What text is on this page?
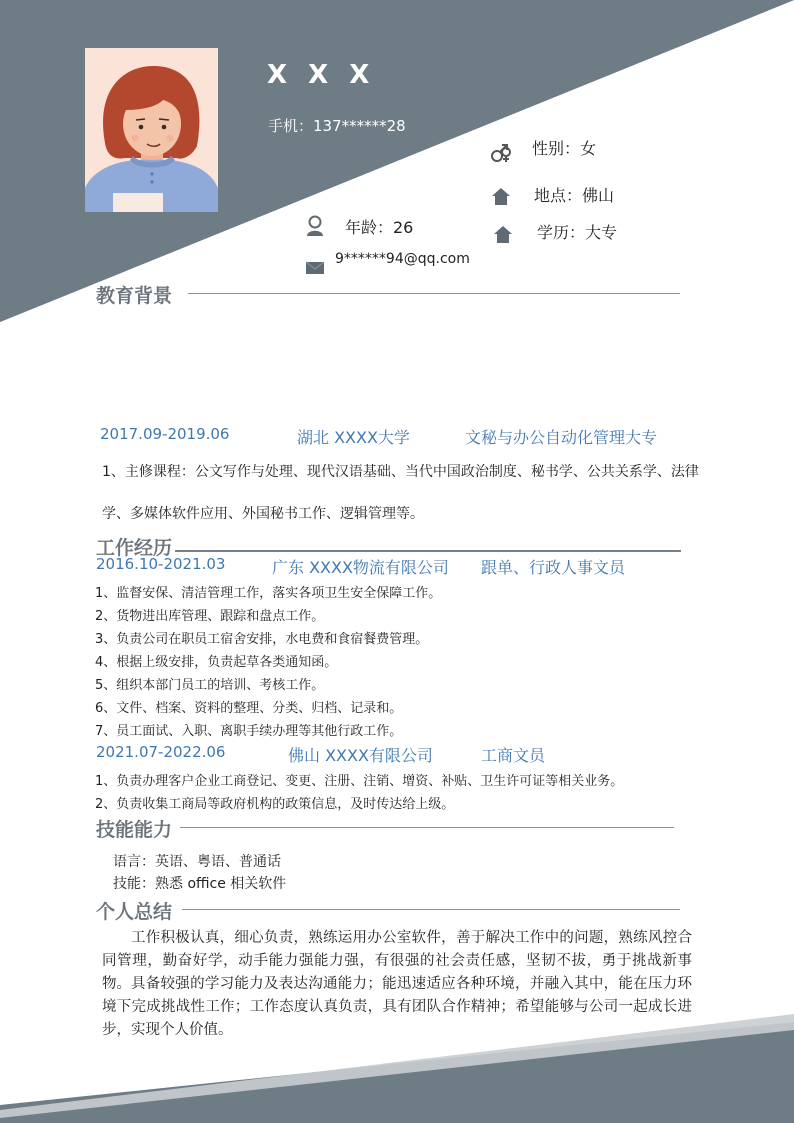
X X X
手机：137******28
性别：女
地点：佛山
年龄：26	学历：大专
9******94@qq.com
教育背景
2017.09-2019.06	湖北 XXXX大学	文秘与办公自动化管理大专
1、主修课程：公文写作与处理、现代汉语基础、当代中国政治制度、秘书学、公共关系学、法律
学、多媒体软件应用、外国秘书工作、逻辑管理等。
工作经历
2016.10-2021.03	广东 XXXX物流有限公司 跟单、行政人事文员
1、监督安保、清洁管理工作，落实各项卫生安全保障工作。
2、货物进出库管理、跟踪和盘点工作。
3、负责公司在职员工宿舍安排，水电费和食宿餐费管理。
4、根据上级安排，负责起草各类通知函。
5、组织本部门员工的培训、考核工作。
6、文件、档案、资料的整理、分类、归档、记录和。
7、员工面试、入职、离职手续办理等其他行政工作。
2021.07-2022.06	佛山 XXXX有限公司	工商文员
1、负责办理客户企业工商登记、变更、注册、注销、增资、补贴、卫生许可证等相关业务。
2、负责收集工商局等政府机构的政策信息，及时传达给上级。
技能能力
语言：英语、粤语、普通话
技能：熟悉 office 相关软件
个人总结
工作积极认真，细心负责，熟练运用办公室软件，善于解决工作中的问题，熟练风控合同管理，勤奋好学，动手能力强能力强，有很强的社会责任感，坚韧不拔，勇于挑战新事物。 具备较强的学习能力及表达沟通能力；能迅速适应各种环境，并融入其中，能在压力环境下完成挑战性工作；工作态度认真负责，具有团队合作精神；希望能够与公司一起成长进步，实现个人价值。
